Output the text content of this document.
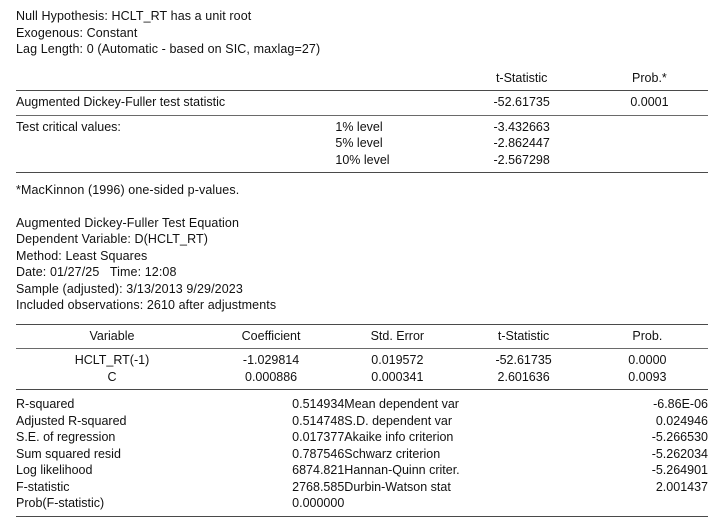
Null Hypothesis: HCLT_RT has a unit root
Exogenous: Constant
Lag Length: 0 (Automatic - based on SIC, maxlag=27)
		t-Statistic	Prob.*
Augmented Dickey-Fuller test statistic		-52.61735	0.0001
Test critical values:	1% level	-3.432663	
	5% level	-2.862447	
	10% level	-2.567298	
*MacKinnon (1996) one-sided p-values.
Augmented Dickey-Fuller Test Equation
Dependent Variable: D(HCLT_RT)
Method: Least Squares
Date: 01/27/25   Time: 12:08
Sample (adjusted): 3/13/2013 9/29/2023
Included observations: 2610 after adjustments
Variable	Coefficient	Std. Error	t-Statistic	Prob.
HCLT_RT(-1)	-1.029814	0.019572	-52.61735	0.0000
C	0.000886	0.000341	2.601636	0.0093
R-squared	0.514934	Mean dependent var	-6.86E-06
Adjusted R-squared	0.514748	S.D. dependent var	0.024946
S.E. of regression	0.017377	Akaike info criterion	-5.266530
Sum squared resid	0.787546	Schwarz criterion	-5.262034
Log likelihood	6874.821	Hannan-Quinn criter.	-5.264901
F-statistic	2768.585	Durbin-Watson stat	2.001437
Prob(F-statistic)	0.000000		
